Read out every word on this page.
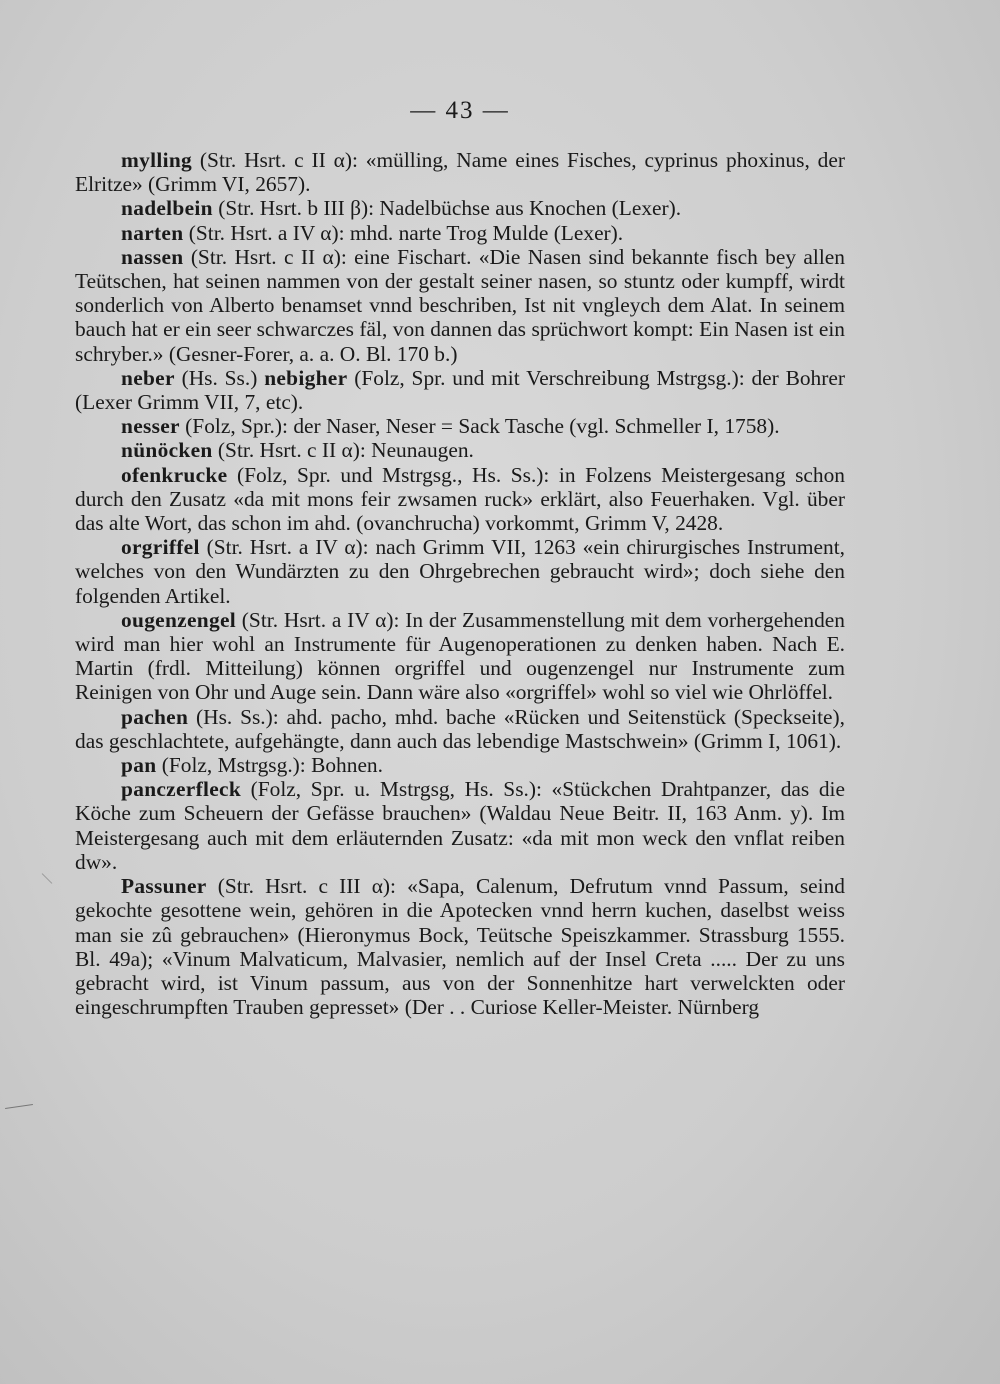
— 43 —

mylling (Str. Hsrt. c II α): «mülling, Name eines Fisches, cyprinus phoxinus, der Elritze» (Grimm VI, 2657).

nadelbein (Str. Hsrt. b III β): Nadelbüchse aus Knochen (Lexer).

narten (Str. Hsrt. a IV α): mhd. narte Trog Mulde (Lexer).

nassen (Str. Hsrt. c II α): eine Fischart. «Die Nasen sind bekannte fisch bey allen Teütschen, hat seinen nammen von der gestalt seiner nasen, so stuntz oder kumpff, wirdt sonderlich von Alberto benamset vnnd beschriben, Ist nit vngleych dem Alat. In seinem bauch hat er ein seer schwarczes fäl, von dannen das sprüchwort kompt: Ein Nasen ist ein schryber.» (Gesner-Forer, a. a. O. Bl. 170 b.)

neber (Hs. Ss.) nebigher (Folz, Spr. und mit Verschreibung Mstrgsg.): der Bohrer (Lexer Grimm VII, 7, etc).

nesser (Folz, Spr.): der Naser, Neser = Sack Tasche (vgl. Schmeller I, 1758).

nünöcken (Str. Hsrt. c II α): Neunaugen.

ofenkrucke (Folz, Spr. und Mstrgsg., Hs. Ss.): in Folzens Meistergesang schon durch den Zusatz «da mit mons feir zwsamen ruck» erklärt, also Feuerhaken. Vgl. über das alte Wort, das schon im ahd. (ovanchrucha) vorkommt, Grimm V, 2428.

orgriffel (Str. Hsrt. a IV α): nach Grimm VII, 1263 «ein chirurgisches Instrument, welches von den Wundärzten zu den Ohrgebrechen gebraucht wird»; doch siehe den folgenden Artikel.

ougenzengel (Str. Hsrt. a IV α): In der Zusammenstellung mit dem vorhergehenden wird man hier wohl an Instrumente für Augenoperationen zu denken haben. Nach E. Martin (frdl. Mitteilung) können orgriffel und ougenzengel nur Instrumente zum Reinigen von Ohr und Auge sein. Dann wäre also «orgriffel» wohl so viel wie Ohrlöffel.

pachen (Hs. Ss.): ahd. pacho, mhd. bache «Rücken und Seitenstück (Speckseite), das geschlachtete, aufgehängte, dann auch das lebendige Mastschwein» (Grimm I, 1061).

pan (Folz, Mstrgsg.): Bohnen.

panczerfleck (Folz, Spr. u. Mstrgsg, Hs. Ss.): «Stückchen Drahtpanzer, das die Köche zum Scheuern der Gefässe brauchen» (Waldau Neue Beitr. II, 163 Anm. y). Im Meistergesang auch mit dem erläuternden Zusatz: «da mit mon weck den vnflat reiben dw».

Passuner (Str. Hsrt. c III α): «Sapa, Calenum, Defrutum vnnd Passum, seind gekochte gesottene wein, gehören in die Apotecken vnnd herrn kuchen, daselbst weiss man sie zû gebrauchen» (Hieronymus Bock, Teütsche Speiszkammer. Strassburg 1555. Bl. 49a); «Vinum Malvaticum, Malvasier, nemlich auf der Insel Creta ..... Der zu uns gebracht wird, ist Vinum passum, aus von der Sonnenhitze hart verwelckten oder eingeschrumpften Trauben gepresset» (Der . . Curiose Keller-Meister. Nürnberg
